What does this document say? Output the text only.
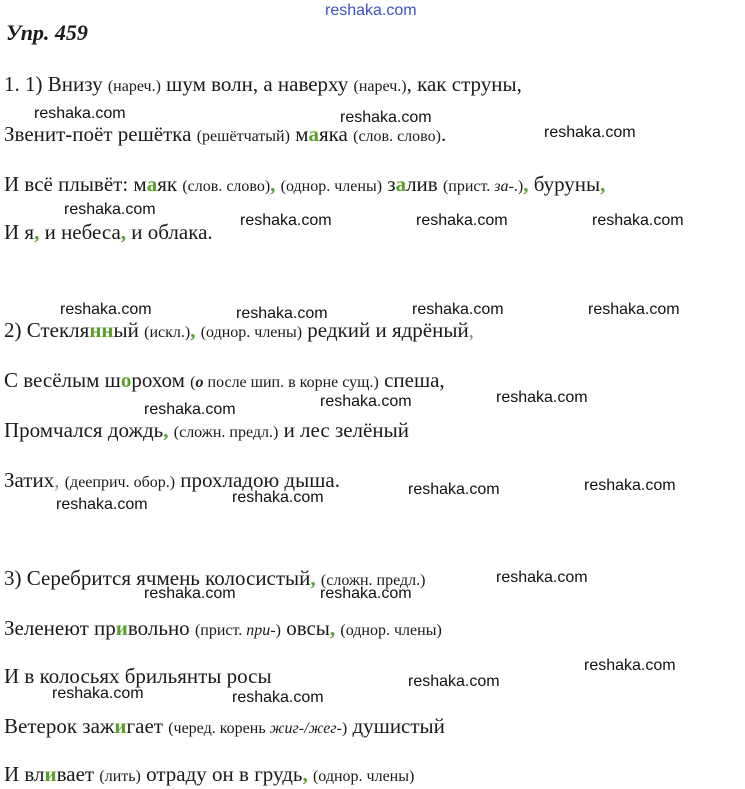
reshaka.com
Упр. 459
1. 1) Внизу (нареч.) шум волн, а наверху (нареч.), как струны,
Звенит-поёт решётка (решётчатый) маяка (слов. слово).
И всё плывёт: маяк (слов. слово), (однор. члены) залив (прист. за-.), буруны,
И я, и небеса, и облака.
2) Стеклянный (искл.), (однор. члены) редкий и ядрёный,
С весёлым шорохом (о после шип. в корне сущ.) спеша,
Промчался дождь, (сложн. предл.) и лес зелёный
Затих, (дееприч. обор.) прохладою дыша.
3) Серебрится ячмень колосистый, (сложн. предл.)
Зеленеют привольно (прист. при-) овсы, (однор. члены)
И в колосьях брильянты росы
Ветерок зажигает (черед. корень жиг-/жег-) душистый
И вливает (лить) отраду он в грудь, (однор. члены)
reshaka.com	reshaka.com
reshaka.com
reshaka.com
reshaka.com	reshaka.com	reshaka.com
reshaka.com	reshaka.com	reshaka.com	reshaka.com
reshaka.com	reshaka.com	reshaka.com
reshaka.com	reshaka.com	reshaka.com	reshaka.com
reshaka.com
reshaka.com	reshaka.com
reshaka.com
reshaka.com
reshaka.com	reshaka.com
